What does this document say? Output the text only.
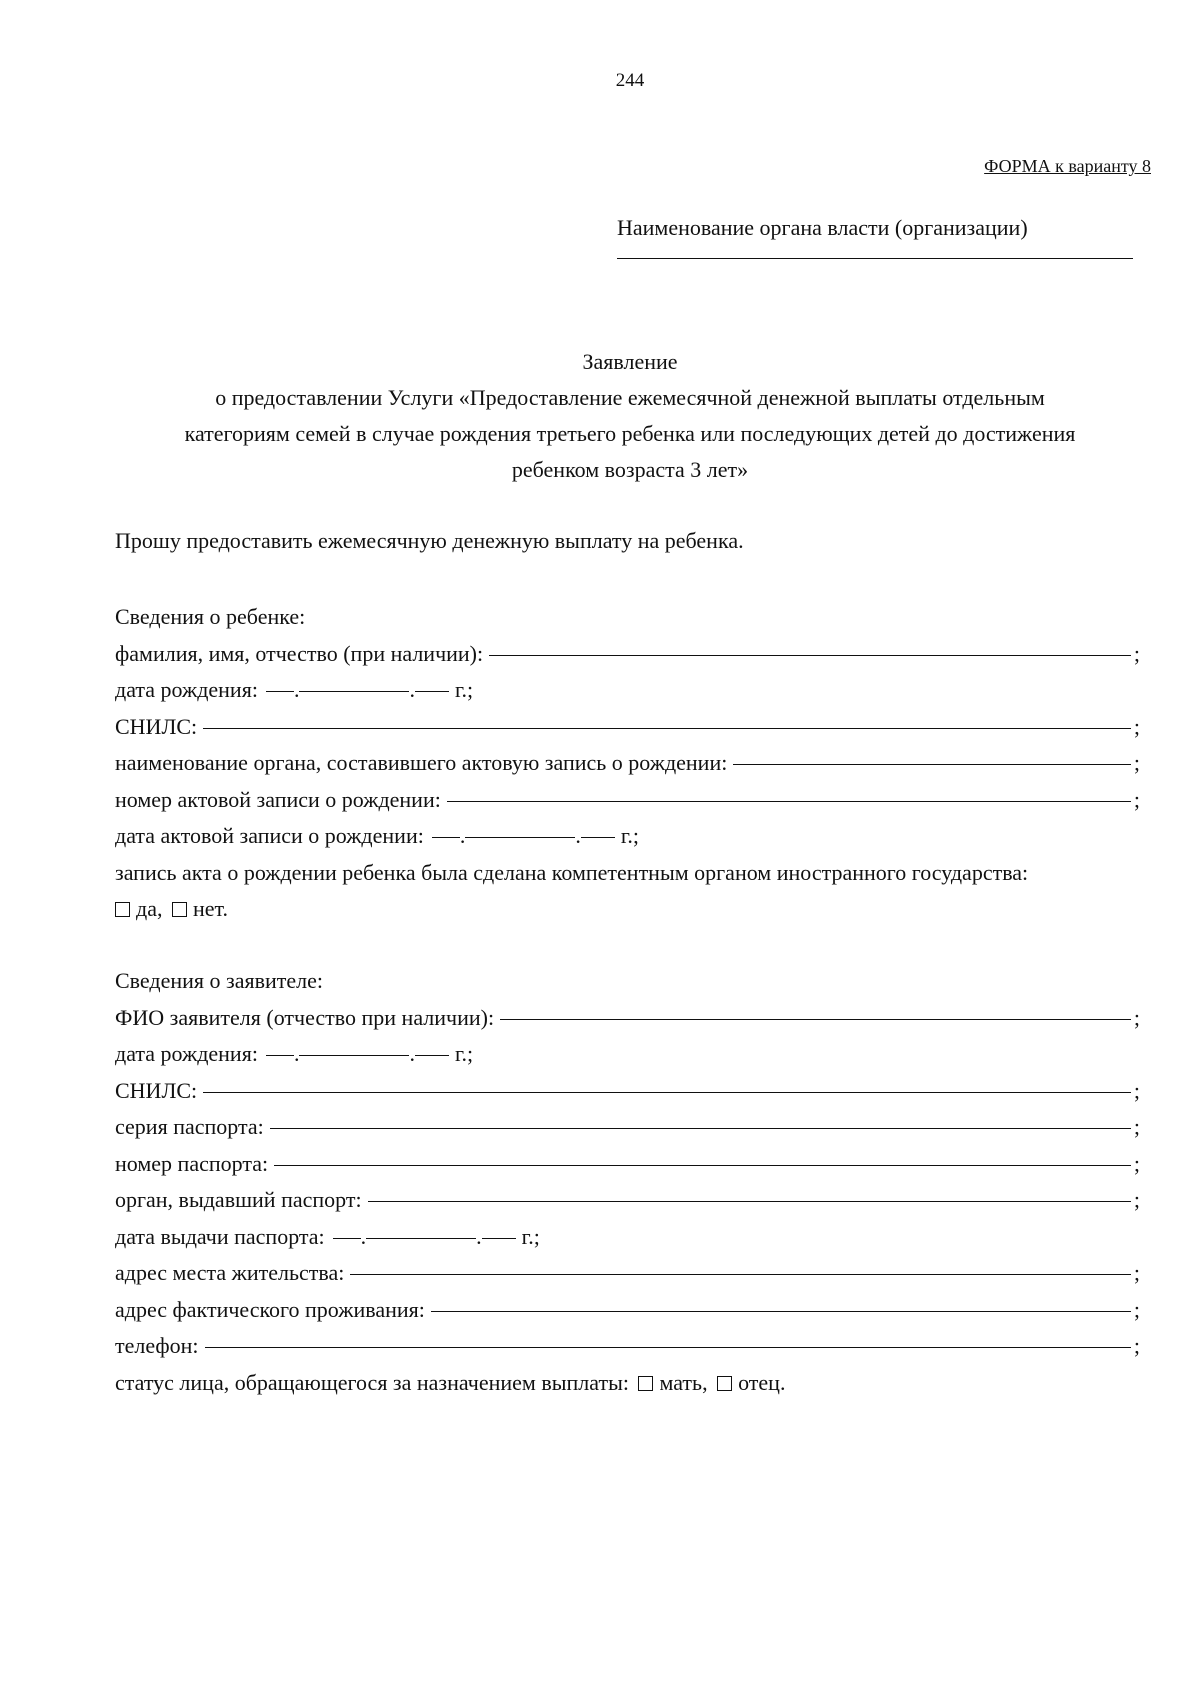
244
ФОРМА к варианту 8
Наименование органа власти (организации)
Заявление
о предоставлении Услуги «Предоставление ежемесячной денежной выплаты отдельным
категориям семей в случае рождения третьего ребенка или последующих детей до достижения
ребенком возраста 3 лет»
Прошу предоставить ежемесячную денежную выплату на ребенка.
Сведения о ребенке:
фамилия, имя, отчество (при наличии):	;
дата рождения: .	. г.;
СНИЛС:	;
наименование органа, составившего актовую запись о рождении:	;
номер актовой записи о рождении:	;
дата актовой записи о рождении: .	. г.;
запись акта о рождении ребенка была сделана компетентным органом иностранного государства:
да, нет.
Сведения о заявителе:
ФИО заявителя (отчество при наличии):	;
дата рождения: .	. г.;
СНИЛС:	;
серия паспорта:	;
номер паспорта:	;
орган, выдавший паспорт:	;
дата выдачи паспорта: .	. г.;
адрес места жительства:	;
адрес фактического проживания:	;
телефон:	;
статус лица, обращающегося за назначением выплаты: мать, отец.
